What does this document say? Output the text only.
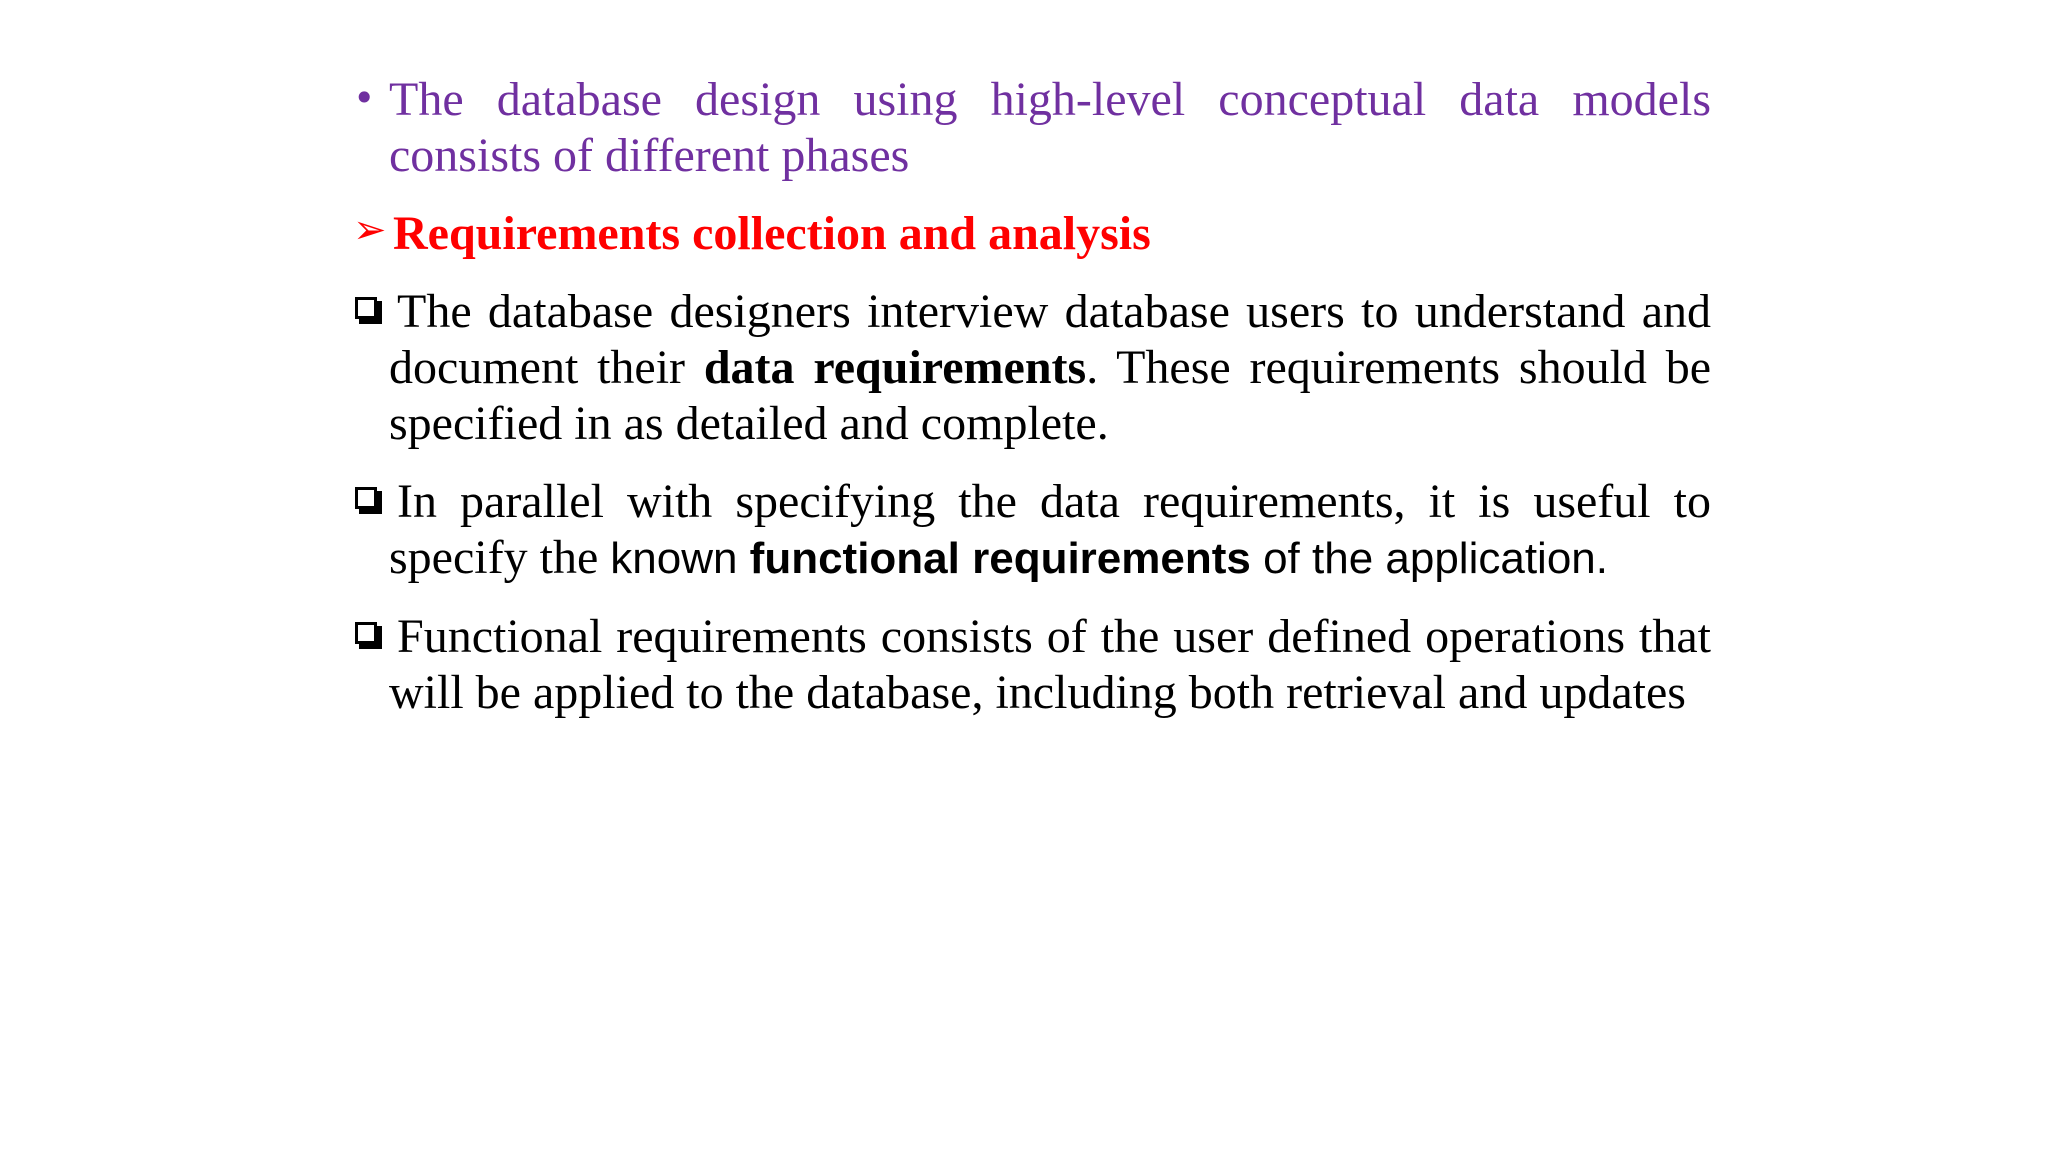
• The database design using high-level conceptual data models consists of different phases
➢ Requirements collection and analysis
The database designers interview database users to understand and document their data requirements. These requirements should be specified in as detailed and complete.
In parallel with specifying the data requirements, it is useful to specify the known functional requirements of the application.
Functional requirements consists of the user defined operations that will be applied to the database, including both retrieval and updates
